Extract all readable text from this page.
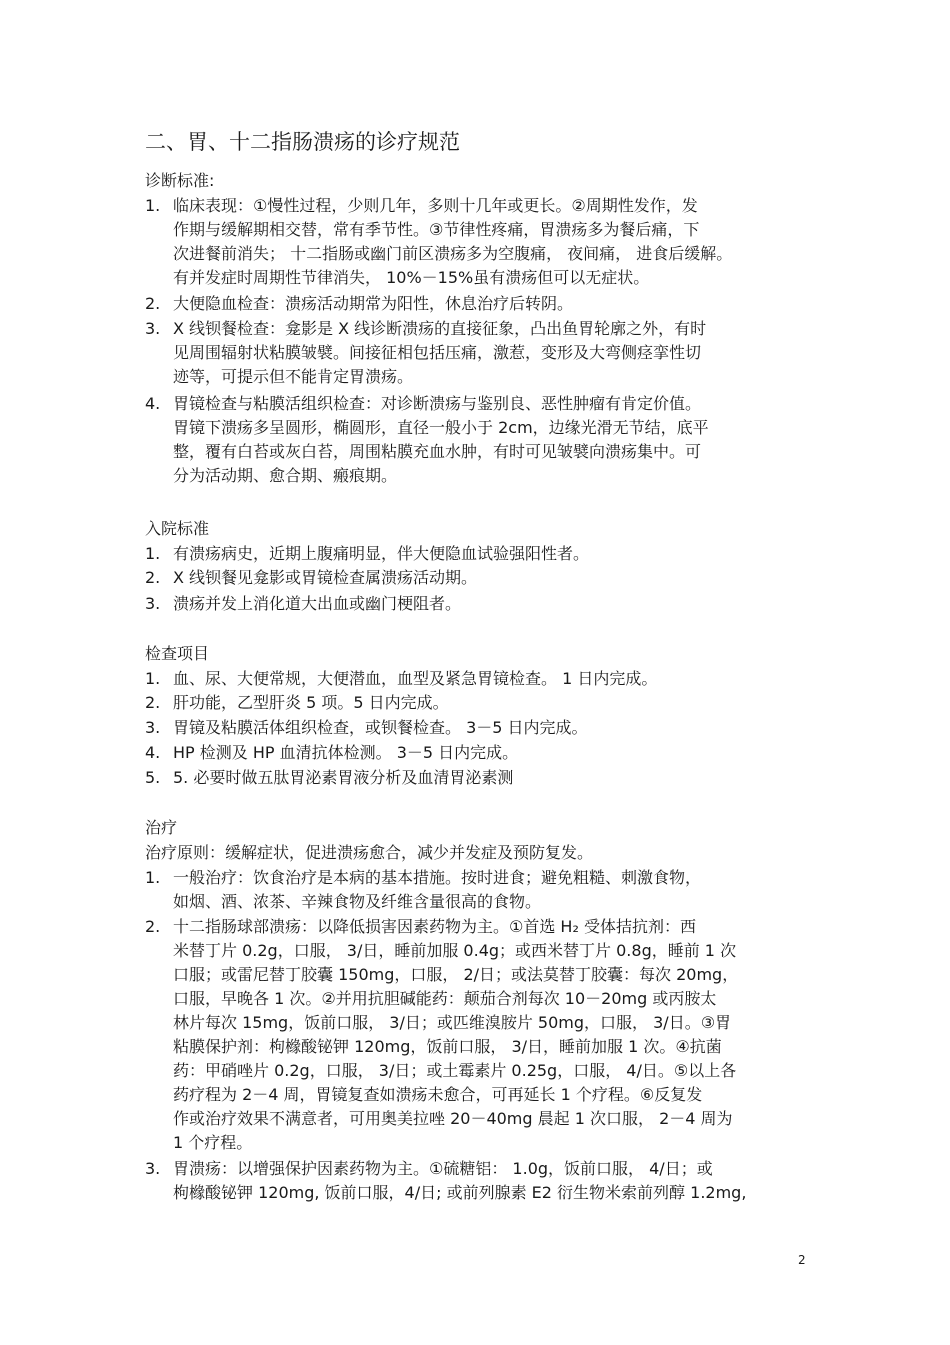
二、胃、十二指肠溃疡的诊疗规范
诊断标准:
1. 临床表现：①慢性过程，少则几年，多则十几年或更长。②周期性发作，发
作期与缓解期相交替，常有季节性。③节律性疼痛，胃溃疡多为餐后痛，下
次进餐前消失； 十二指肠或幽门前区溃疡多为空腹痛， 夜间痛， 进食后缓解。
有并发症时周期性节律消失， 10%－15%虽有溃疡但可以无症状。
2. 大便隐血检查：溃疡活动期常为阳性，休息治疗后转阴。
3. X 线钡餐检查：龛影是 X 线诊断溃疡的直接征象，凸出鱼胃轮廓之外，有时
见周围辐射状粘膜皱襞。间接征相包括压痛，激惹，变形及大弯侧痉挛性切
迹等，可提示但不能肯定胃溃疡。
4. 胃镜检查与粘膜活组织检查：对诊断溃疡与鉴别良、恶性肿瘤有肯定价值。
胃镜下溃疡多呈圆形，椭圆形，直径一般小于 2cm，边缘光滑无节结，底平
整，覆有白苔或灰白苔，周围粘膜充血水肿，有时可见皱襞向溃疡集中。可
分为活动期、愈合期、瘢痕期。
入院标准
1. 有溃疡病史，近期上腹痛明显，伴大便隐血试验强阳性者。
2. X 线钡餐见龛影或胃镜检查属溃疡活动期。
3. 溃疡并发上消化道大出血或幽门梗阻者。
检查项目
1. 血、尿、大便常规，大便潜血，血型及紧急胃镜检查。 1 日内完成。
2. 肝功能，乙型肝炎 5 项。5 日内完成。
3. 胃镜及粘膜活体组织检查，或钡餐检查。 3－5 日内完成。
4. HP 检测及 HP 血清抗体检测。 3－5 日内完成。
5. 5. 必要时做五肽胃泌素胃液分析及血清胃泌素测
治疗
治疗原则：缓解症状，促进溃疡愈合，减少并发症及预防复发。
1. 一般治疗：饮食治疗是本病的基本措施。按时进食；避免粗糙、刺激食物，
如烟、酒、浓茶、辛辣食物及纤维含量很高的食物。
2. 十二指肠球部溃疡：以降低损害因素药物为主。①首选 H₂ 受体拮抗剂：西
米替丁片 0.2g，口服， 3/日，睡前加服 0.4g；或西米替丁片 0.8g，睡前 1 次
口服；或雷尼替丁胶囊 150mg，口服， 2/日；或法莫替丁胶囊：每次 20mg，
口服，早晚各 1 次。②并用抗胆碱能药：颠茄合剂每次 10－20mg 或丙胺太
林片每次 15mg，饭前口服， 3/日；或匹维溴胺片 50mg，口服， 3/日。③胃
粘膜保护剂：枸橼酸铋钾 120mg，饭前口服， 3/日，睡前加服 1 次。④抗菌
药：甲硝唑片 0.2g，口服， 3/日；或土霉素片 0.25g，口服， 4/日。⑤以上各
药疗程为 2－4 周，胃镜复查如溃疡未愈合，可再延长 1 个疗程。⑥反复发
作或治疗效果不满意者，可用奥美拉唑 20－40mg 晨起 1 次口服， 2－4 周为
1 个疗程。
3. 胃溃疡：以增强保护因素药物为主。①硫糖铝： 1.0g，饭前口服， 4/日；或
枸橼酸铋钾 120mg, 饭前口服，4/日; 或前列腺素 E2 衍生物米索前列醇 1.2mg,
2
